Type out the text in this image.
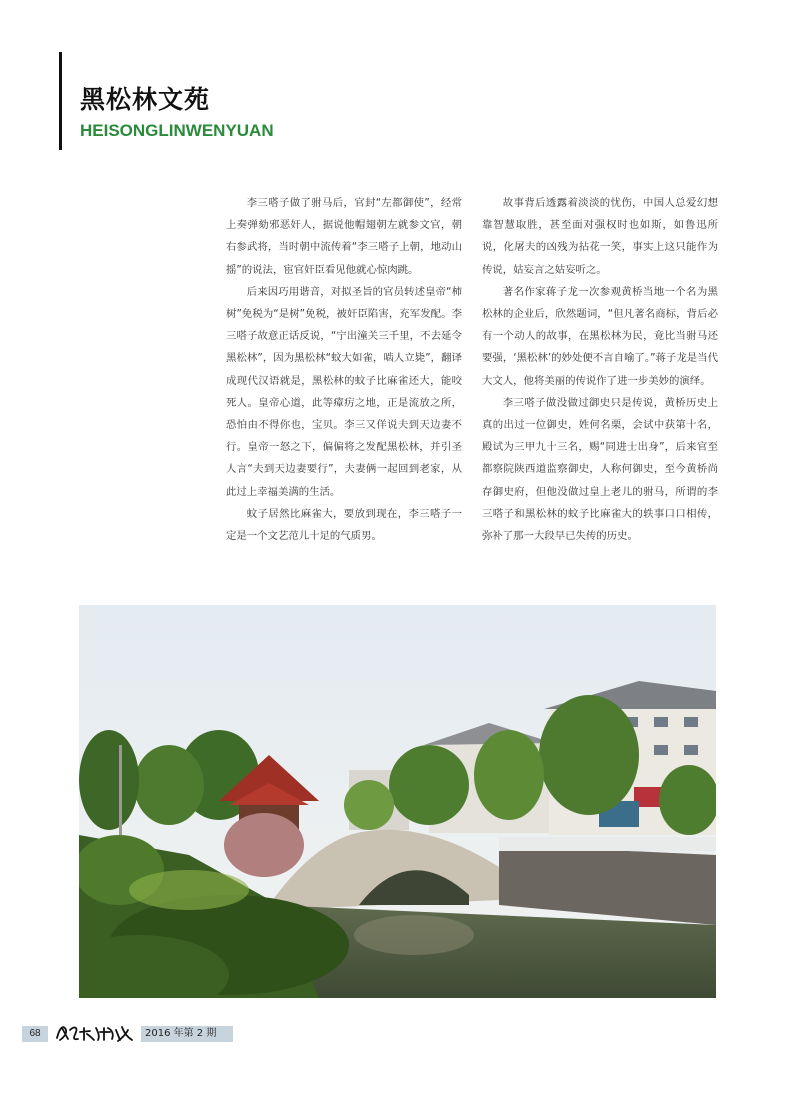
黑松林文苑
HEISONGLINWENYUAN

李三嗒子做了驸马后，官封“左都御使”，经常上奏弹劾邪恶奸人，据说他帽翅朝左就参文官，朝右参武将，当时朝中流传着“李三嗒子上朝，地动山摇”的说法，宦官奸臣看见他就心惊肉跳。

后来因巧用谐音，对拟圣旨的官员转述皇帝“柿树”免税为“是树”免税，被奸臣陷害，充军发配。李三嗒子故意正话反说，“宁出潼关三千里，不去延令黑松林”，因为黑松林“蚊大如雀，啮人立毙”，翻译成现代汉语就是，黑松林的蚊子比麻雀还大，能咬死人。皇帝心道，此等瘴疠之地，正是流放之所，恐怕由不得你也，宝贝。李三又佯说夫到天边妻不行。皇帝一怒之下，偏偏将之发配黑松林，并引圣人言“夫到天边妻要行”，夫妻俩一起回到老家，从此过上幸福美满的生活。

蚊子居然比麻雀大，要放到现在，李三嗒子一定是一个文艺范儿十足的气质男。

故事背后透露着淡淡的忧伤，中国人总爱幻想靠智慧取胜，甚至面对强权时也如斯，如鲁迅所说，化屠夫的凶残为拈花一笑，事实上这只能作为传说，姑妄言之姑妄听之。

著名作家蒋子龙一次参观黄桥当地一个名为黑松林的企业后，欣然题词，“但凡著名商标，背后必有一个动人的故事，在黑松林为民，竟比当驸马还要强，‘黑松林’的妙处便不言自喻了。”蒋子龙是当代大文人，他将美丽的传说作了进一步美妙的演绎。

李三嗒子做没做过御史只是传说，黄桥历史上真的出过一位御史，姓何名栗，会试中获第十名，殿试为三甲九十三名，赐“同进士出身”，后来官至都察院陕西道监察御史，人称何御史，至今黄桥尚存御史府，但他没做过皇上老儿的驸马，所谓的李三嗒子和黑松林的蚊子比麻雀大的轶事口口相传，弥补了那一大段早已失传的历史。

68	2016 年第 2 期
